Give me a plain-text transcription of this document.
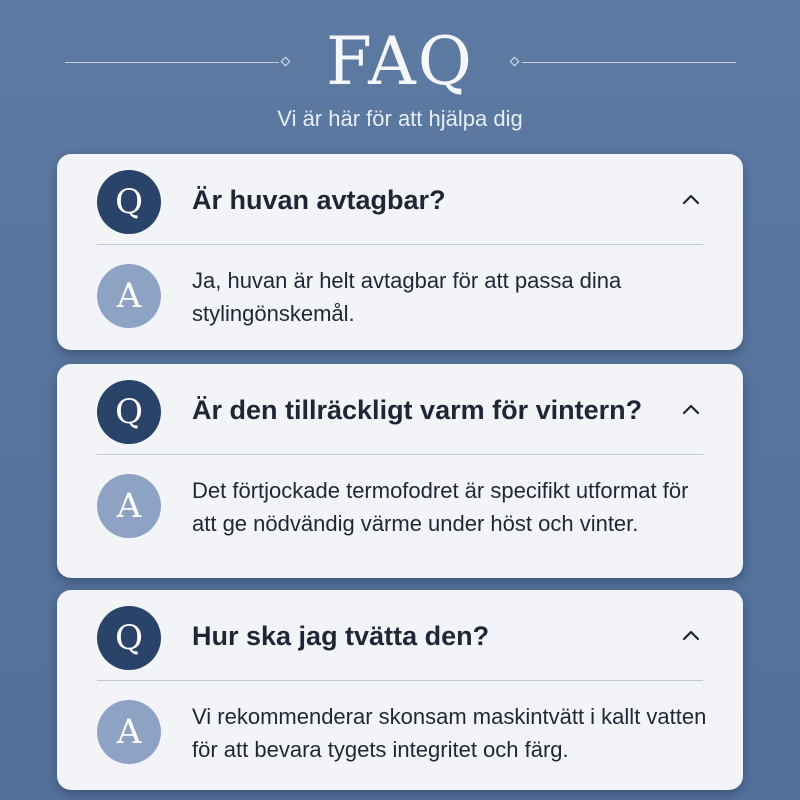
FAQ
Vi är här för att hjälpa dig
Q	Är huvan avtagbar?
A	Ja, huvan är helt avtagbar för att passa dina stylingönskemål.
Q	Är den tillräckligt varm för vintern?
A	Det förtjockade termofodret är specifikt utformat för att ge nödvändig värme under höst och vinter.
Q	Hur ska jag tvätta den?
A	Vi rekommenderar skonsam maskintvätt i kallt vatten för att bevara tygets integritet och färg.
